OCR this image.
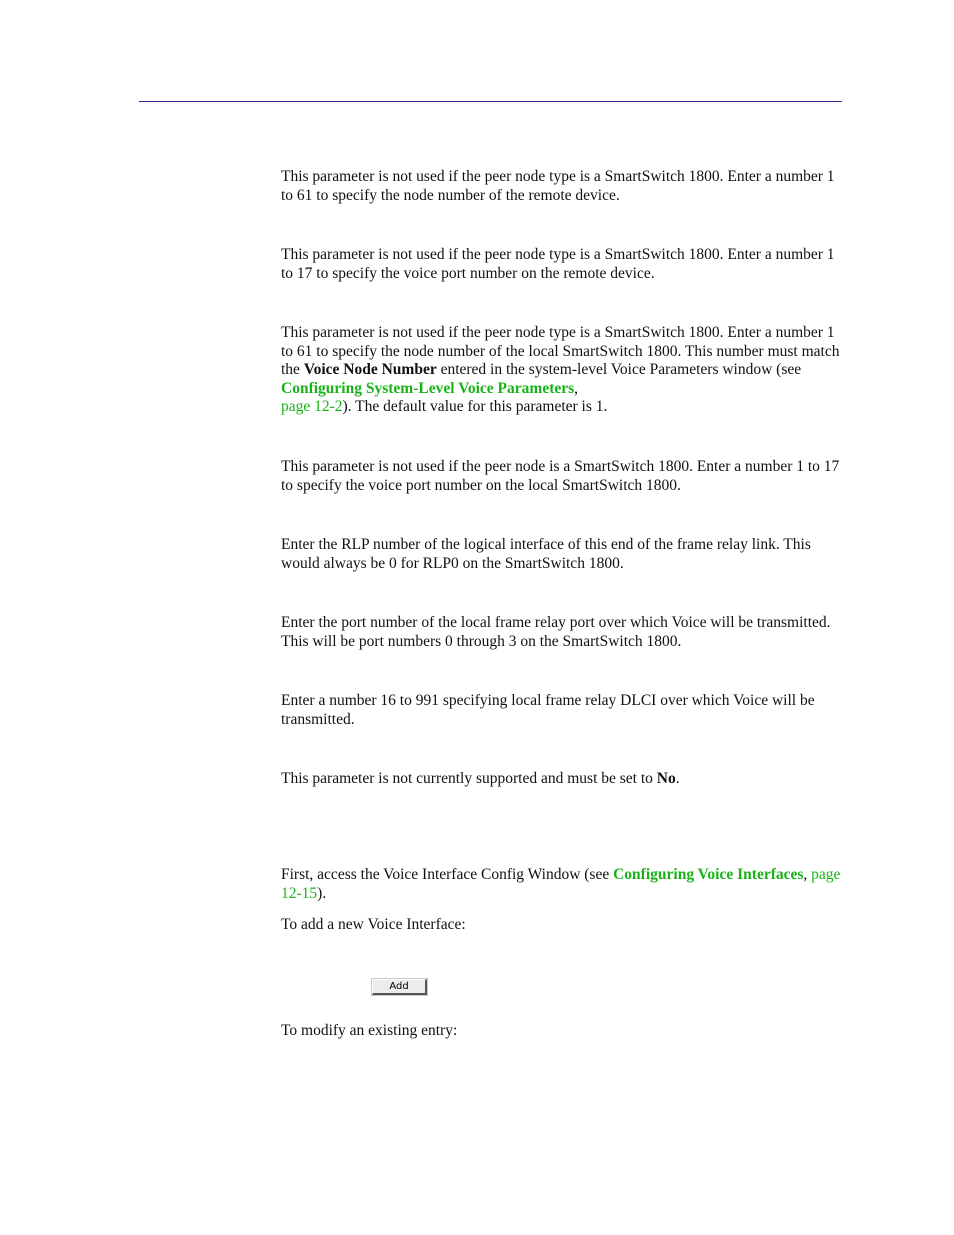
This parameter is not used if the peer node type is a SmartSwitch 1800. Enter a number 1 to 61 to specify the node number of the remote device.

This parameter is not used if the peer node type is a SmartSwitch 1800. Enter a number 1 to 17 to specify the voice port number on the remote device.

This parameter is not used if the peer node type is a SmartSwitch 1800. Enter a number 1 to 61 to specify the node number of the local SmartSwitch 1800. This number must match the Voice Node Number entered in the system-level Voice Parameters window (see Configuring System-Level Voice Parameters,
page 12-2). The default value for this parameter is 1.

This parameter is not used if the peer node is a SmartSwitch 1800. Enter a number 1 to 17 to specify the voice port number on the local SmartSwitch 1800.

Enter the RLP number of the logical interface of this end of the frame relay link. This would always be 0 for RLP0 on the SmartSwitch 1800.

Enter the port number of the local frame relay port over which Voice will be transmitted. This will be port numbers 0 through 3 on the SmartSwitch 1800.

Enter a number 16 to 991 specifying local frame relay DLCI over which Voice will be transmitted.

This parameter is not currently supported and must be set to No.

First, access the Voice Interface Config Window (see Configuring Voice Interfaces, page 12-15).

To add a new Voice Interface:

Add

To modify an existing entry:
